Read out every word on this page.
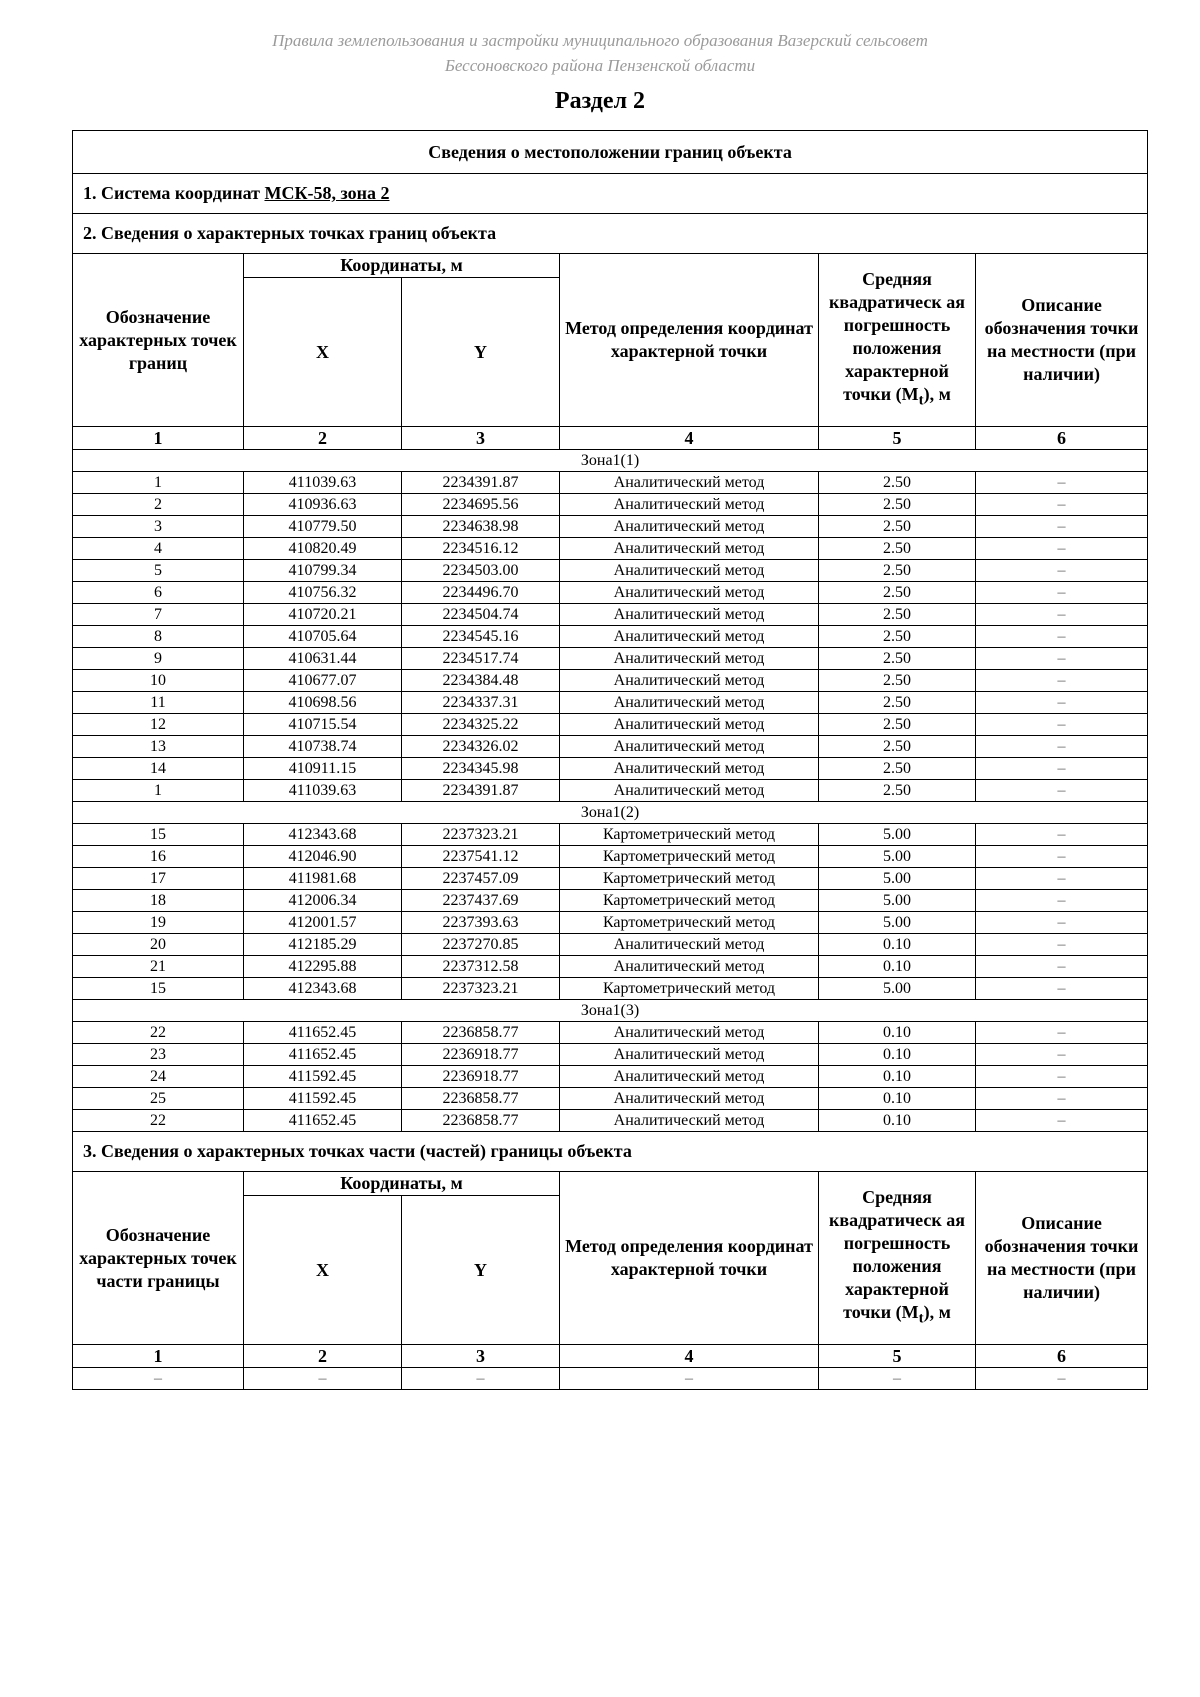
Правила землепользования и застройки муниципального образования Вазерский сельсовет
Бессоновского района Пензенской области
Раздел 2
Сведения о местоположении границ объекта					
1. Система координат МСК-58, зона 2					
2. Сведения о характерных точках границ объекта					
Обозначение характерных точек границ	Координаты, м		Метод определения координат характерной точки	Средняя квадратическ ая погрешность положения характерной точки $(M_t)$, м	Описание обозначения точки на местности (при наличии)
	X	Y			
1	2	3	4	5	6
Зона1(1)					
1	411039.63	2234391.87	Аналитический метод	2.50	–
2	410936.63	2234695.56	Аналитический метод	2.50	–
3	410779.50	2234638.98	Аналитический метод	2.50	–
4	410820.49	2234516.12	Аналитический метод	2.50	–
5	410799.34	2234503.00	Аналитический метод	2.50	–
6	410756.32	2234496.70	Аналитический метод	2.50	–
7	410720.21	2234504.74	Аналитический метод	2.50	–
8	410705.64	2234545.16	Аналитический метод	2.50	–
9	410631.44	2234517.74	Аналитический метод	2.50	–
10	410677.07	2234384.48	Аналитический метод	2.50	–
11	410698.56	2234337.31	Аналитический метод	2.50	–
12	410715.54	2234325.22	Аналитический метод	2.50	–
13	410738.74	2234326.02	Аналитический метод	2.50	–
14	410911.15	2234345.98	Аналитический метод	2.50	–
1	411039.63	2234391.87	Аналитический метод	2.50	–
Зона1(2)					
15	412343.68	2237323.21	Картометрический метод	5.00	–
16	412046.90	2237541.12	Картометрический метод	5.00	–
17	411981.68	2237457.09	Картометрический метод	5.00	–
18	412006.34	2237437.69	Картометрический метод	5.00	–
19	412001.57	2237393.63	Картометрический метод	5.00	–
20	412185.29	2237270.85	Аналитический метод	0.10	–
21	412295.88	2237312.58	Аналитический метод	0.10	–
15	412343.68	2237323.21	Картометрический метод	5.00	–
Зона1(3)					
22	411652.45	2236858.77	Аналитический метод	0.10	–
23	411652.45	2236918.77	Аналитический метод	0.10	–
24	411592.45	2236918.77	Аналитический метод	0.10	–
25	411592.45	2236858.77	Аналитический метод	0.10	–
22	411652.45	2236858.77	Аналитический метод	0.10	–
3. Сведения о характерных точках части (частей) границы объекта					
Обозначение характерных точек части границы	Координаты, м		Метод определения координат характерной точки	Средняя квадратическ ая погрешность положения характерной точки $(M_t)$, м	Описание обозначения точки на местности (при наличии)
	X	Y			
1	2	3	4	5	6
–	–	–	–	–	–
